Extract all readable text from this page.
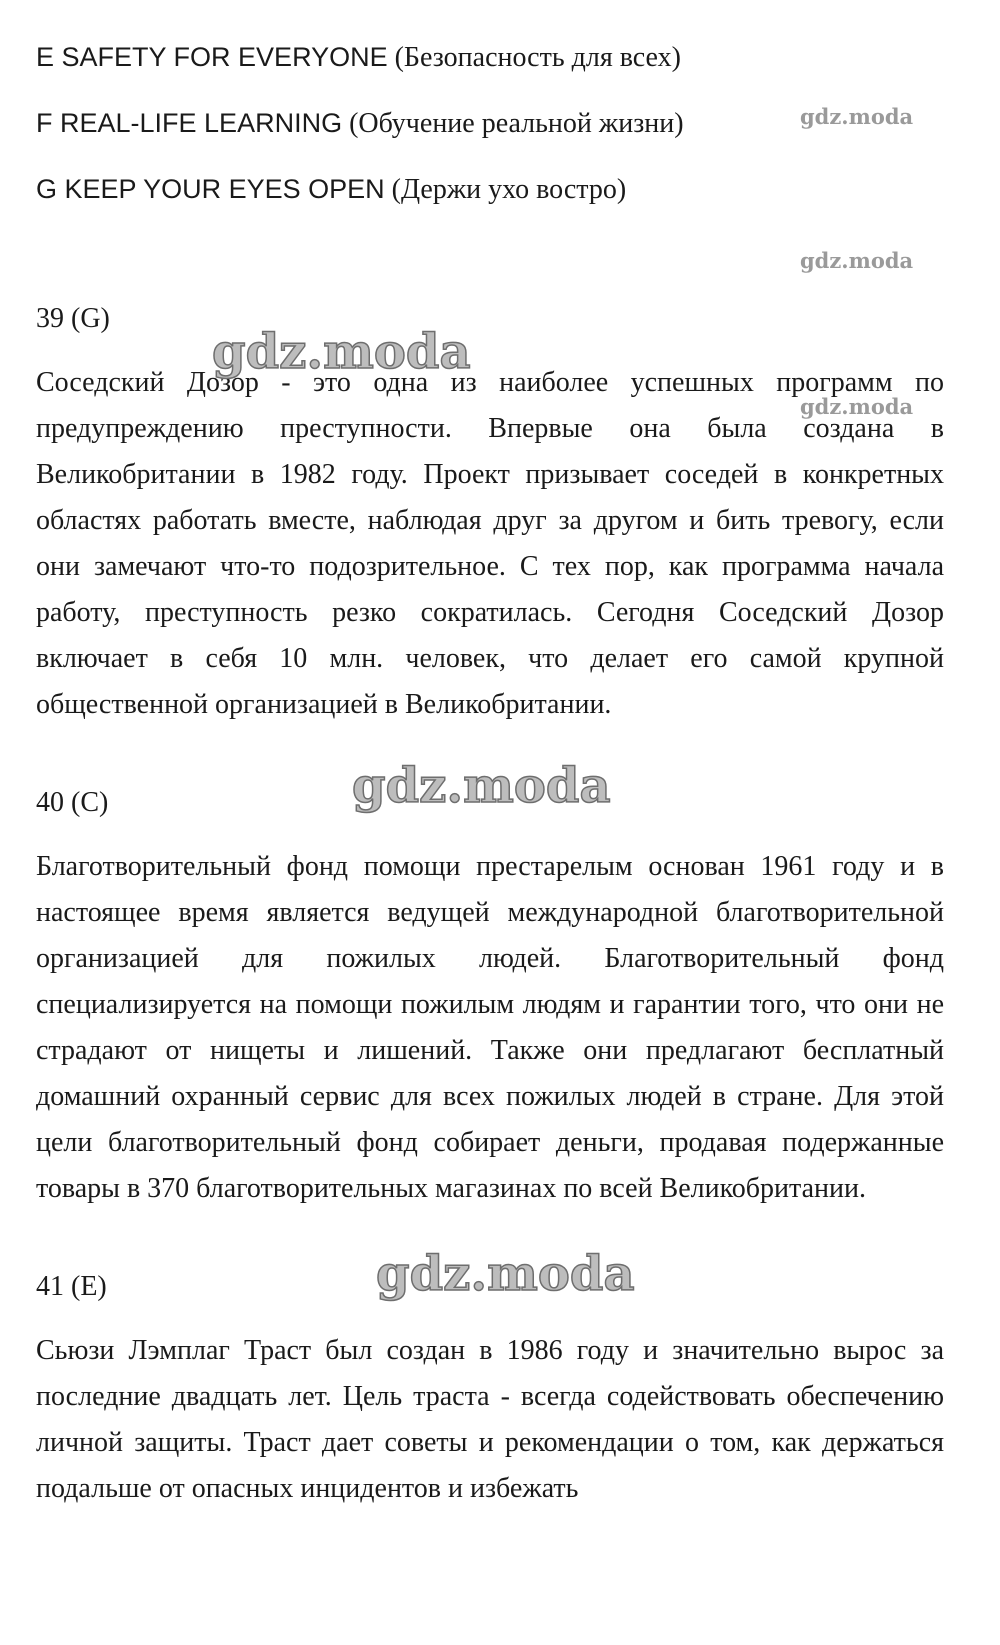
E SAFETY FOR EVERYONE (Безопасность для всех)
F REAL-LIFE LEARNING (Обучение реальной жизни)
G KEEP YOUR EYES OPEN (Держи ухо востро)
39 (G)

Соседский Дозор - это одна из наиболее успешных программ по предупреждению преступности. Впервые она была создана в Великобритании в 1982 году. Проект призывает соседей в конкретных областях работать вместе, наблюдая друг за другом и бить тревогу, если они замечают что-то подозрительное. С тех пор, как программа начала работу, преступность резко сократилась. Сегодня Соседский Дозор включает в себя 10 млн. человек, что делает его самой крупной общественной организацией в Великобритании.

40 (C)

Благотворительный фонд помощи престарелым основан 1961 году и в настоящее время является ведущей международной благотворительной организацией для пожилых людей. Благотворительный фонд специализируется на помощи пожилым людям и гарантии того, что они не страдают от нищеты и лишений. Также они предлагают бесплатный домашний охранный сервис для всех пожилых людей в стране. Для этой цели благотворительный фонд собирает деньги, продавая подержанные товары в 370 благотворительных магазинах по всей Великобритании.

41 (E)

Сьюзи Лэмплаг Траст был создан в 1986 году и значительно вырос за последние двадцать лет. Цель траста - всегда содействовать обеспечению личной защиты. Траст дает советы и рекомендации о том, как держаться подальше от опасных инцидентов и избежать

gdz.moda
gdz.moda
gdz.moda
gdz.moda
gdz.moda
gdz.moda
